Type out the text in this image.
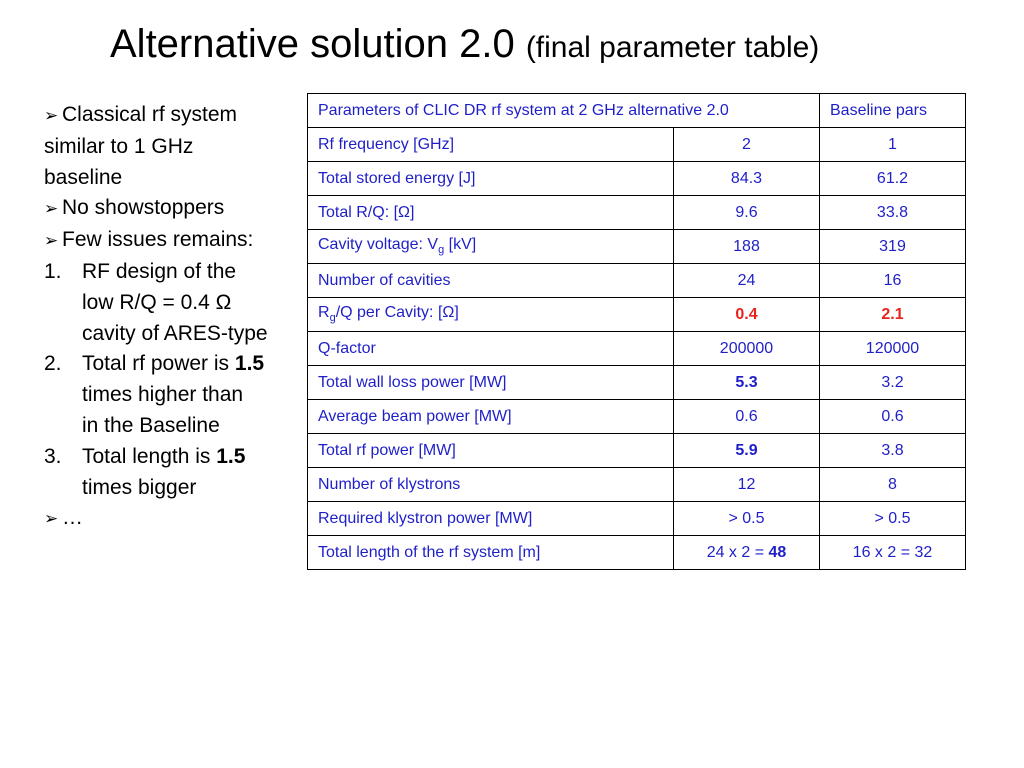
Alternative solution 2.0 (final parameter table)
➢ Classical rf system
similar to 1 GHz
baseline
➢ No showstoppers
➢ Few issues remains:
1. RF design of the
low R/Q = 0.4 Ω
cavity of ARES-type
2. Total rf power is 1.5
times higher than
in the Baseline
3. Total length is 1.5
times bigger
➢ …
Parameters of CLIC DR rf system at 2 GHz alternative 2.0		Baseline pars
Rf frequency [GHz]	2	1
Total stored energy [J]	84.3	61.2
Total R/Q: [Ω]	9.6	33.8
Cavity voltage: $V_g$ [kV]	188	319
Number of cavities	24	16
$R_g/Q$ per Cavity: [Ω]	0.4	2.1
Q-factor	200000	120000
Total wall loss power [MW]	5.3	3.2
Average beam power [MW]	0.6	0.6
Total rf power [MW]	5.9	3.8
Number of klystrons	12	8
Required klystron power [MW]	> 0.5	> 0.5
Total length of the rf system [m]	24 x 2 = 48	16 x 2 = 32
